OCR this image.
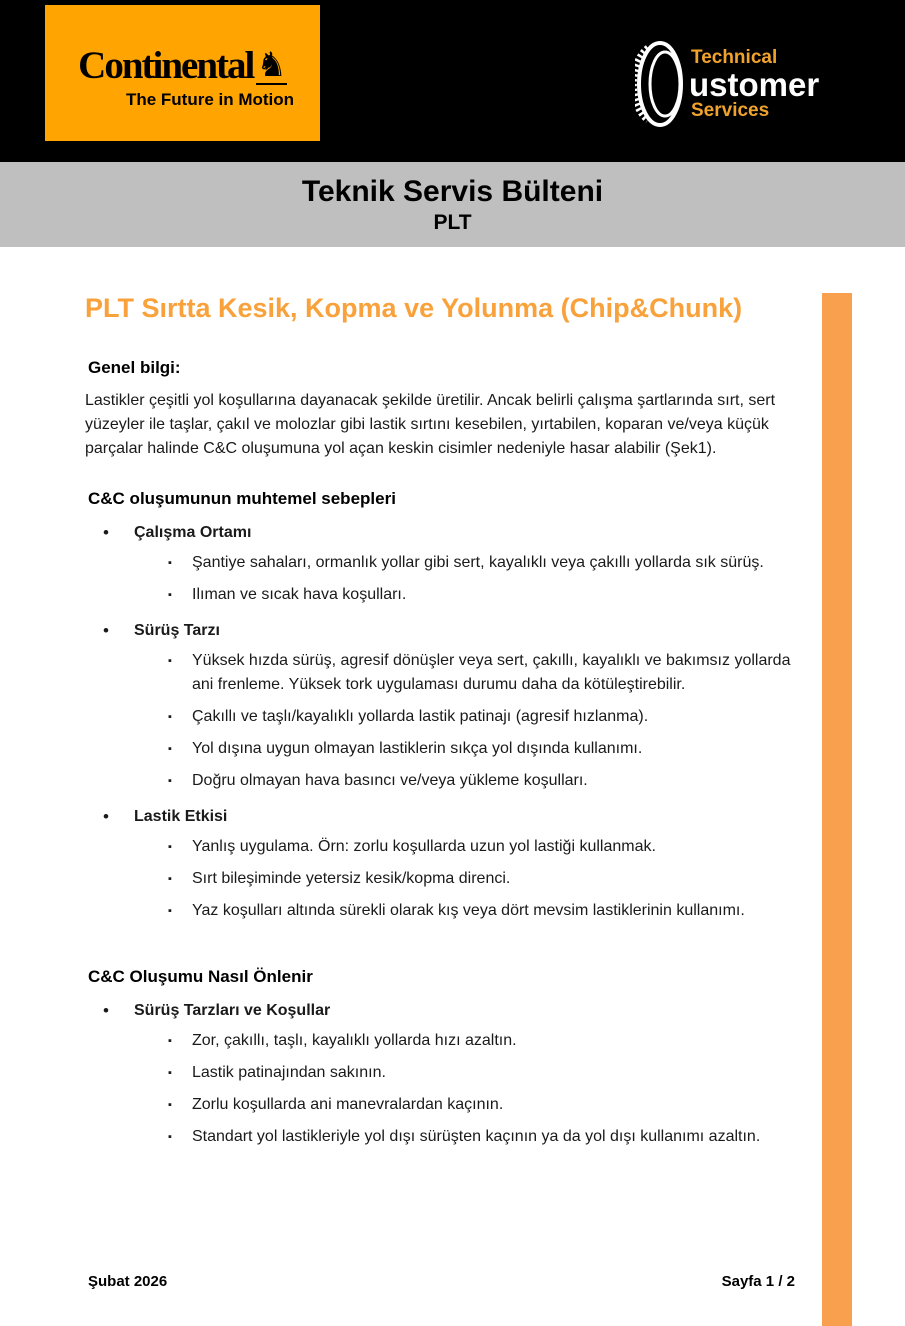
Continental ♞
The Future in Motion
Technical
ustomer
Services
Teknik Servis Bülteni
PLT
PLT Sırtta Kesik, Kopma ve Yolunma (Chip&Chunk)
Genel bilgi:

Lastikler çeşitli yol koşullarına dayanacak şekilde üretilir. Ancak belirli çalışma şartlarında sırt, sert yüzeyler ile taşlar, çakıl ve molozlar gibi lastik sırtını kesebilen, yırtabilen, koparan ve/veya küçük parçalar halinde C&C oluşumuna yol açan keskin cisimler nedeniyle hasar alabilir (Şek1).

C&C oluşumunun muhtemel sebepleri
•	Çalışma Ortamı
▪	Şantiye sahaları, ormanlık yollar gibi sert, kayalıklı veya çakıllı yollarda sık sürüş.
▪	Ilıman ve sıcak hava koşulları.
•	Sürüş Tarzı
▪	Yüksek hızda sürüş, agresif dönüşler veya sert, çakıllı, kayalıklı ve bakımsız yollarda ani frenleme. Yüksek tork uygulaması durumu daha da kötüleştirebilir.
▪	Çakıllı ve taşlı/kayalıklı yollarda lastik patinajı (agresif hızlanma).
▪	Yol dışına uygun olmayan lastiklerin sıkça yol dışında kullanımı.
▪	Doğru olmayan hava basıncı ve/veya yükleme koşulları.
•	Lastik Etkisi
▪	Yanlış uygulama. Örn: zorlu koşullarda uzun yol lastiği kullanmak.
▪	Sırt bileşiminde yetersiz kesik/kopma direnci.
▪	Yaz koşulları altında sürekli olarak kış veya dört mevsim lastiklerinin kullanımı.
C&C Oluşumu Nasıl Önlenir
•	Sürüş Tarzları ve Koşullar
▪	Zor, çakıllı, taşlı, kayalıklı yollarda hızı azaltın.
▪	Lastik patinajından sakının.
▪	Zorlu koşullarda ani manevralardan kaçının.
▪	Standart yol lastikleriyle yol dışı sürüşten kaçının ya da yol dışı kullanımı azaltın.
Şubat 2026	Sayfa 1 / 2
